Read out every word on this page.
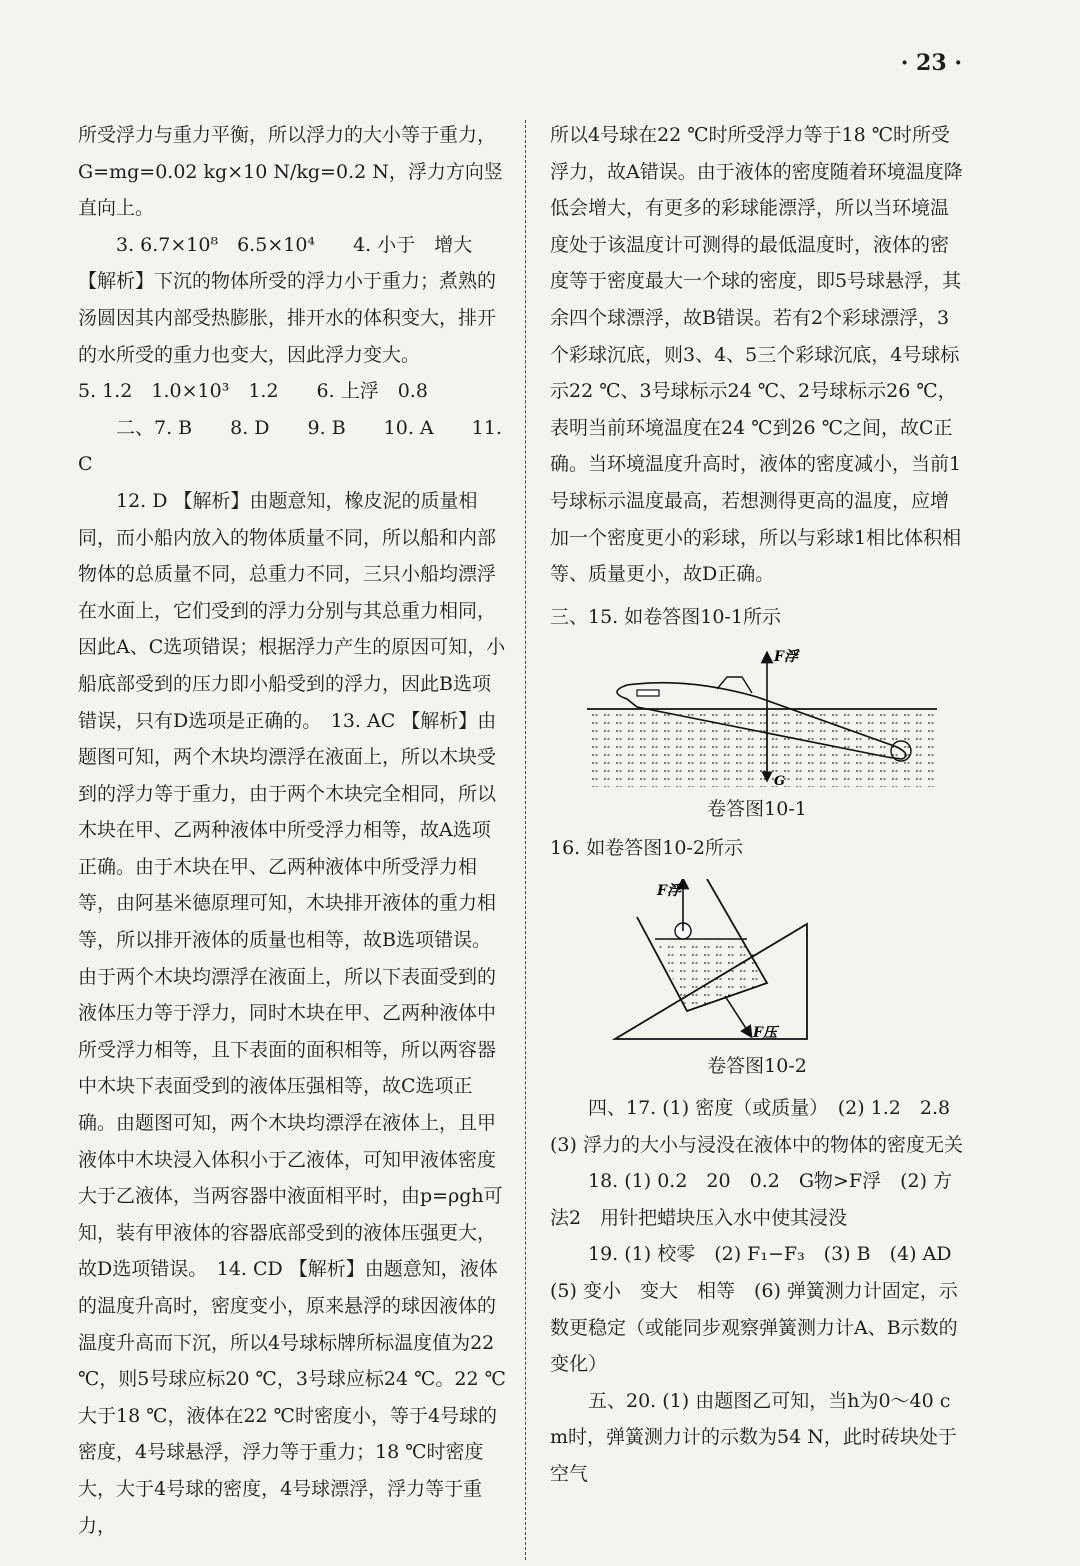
· 23 ·

所受浮力与重力平衡，所以浮力的大小等于重力，G=mg=0.02 kg×10 N/kg=0.2 N，浮力方向竖直向上。

3. 6.7×10⁸　6.5×10⁴　　4. 小于　增大

【解析】下沉的物体所受的浮力小于重力；煮熟的汤圆因其内部受热膨胀，排开水的体积变大，排开的水所受的重力也变大，因此浮力变大。

5. 1.2　1.0×10³　1.2　　6. 上浮　0.8

二、7. B　　8. D　　9. B　　10. A　　11. C

12. D 【解析】由题意知，橡皮泥的质量相同，而小船内放入的物体质量不同，所以船和内部物体的总质量不同，总重力不同，三只小船均漂浮在水面上，它们受到的浮力分别与其总重力相同，因此A、C选项错误；根据浮力产生的原因可知，小船底部受到的压力即小船受到的浮力，因此B选项错误，只有D选项是正确的。　13. AC 【解析】由题图可知，两个木块均漂浮在液面上，所以木块受到的浮力等于重力，由于两个木块完全相同，所以木块在甲、乙两种液体中所受浮力相等，故A选项正确。由于木块在甲、乙两种液体中所受浮力相等，由阿基米德原理可知，木块排开液体的重力相等，所以排开液体的质量也相等，故B选项错误。由于两个木块均漂浮在液面上，所以下表面受到的液体压力等于浮力，同时木块在甲、乙两种液体中所受浮力相等，且下表面的面积相等，所以两容器中木块下表面受到的液体压强相等，故C选项正确。由题图可知，两个木块均漂浮在液体上，且甲液体中木块浸入体积小于乙液体，可知甲液体密度大于乙液体，当两容器中液面相平时，由p=ρgh可知，装有甲液体的容器底部受到的液体压强更大，故D选项错误。　14. CD 【解析】由题意知，液体的温度升高时，密度变小，原来悬浮的球因液体的温度升高而下沉，所以4号球标牌所标温度值为22 ℃，则5号球应标20 ℃，3号球应标24 ℃。22 ℃大于18 ℃，液体在22 ℃时密度小，等于4号球的密度，4号球悬浮，浮力等于重力；18 ℃时密度大，大于4号球的密度，4号球漂浮，浮力等于重力，

所以4号球在22 ℃时所受浮力等于18 ℃时所受浮力，故A错误。由于液体的密度随着环境温度降低会增大，有更多的彩球能漂浮，所以当环境温度处于该温度计可测得的最低温度时，液体的密度等于密度最大一个球的密度，即5号球悬浮，其余四个球漂浮，故B错误。若有2个彩球漂浮，3个彩球沉底，则3、4、5三个彩球沉底，4号球标示22 ℃、3号球标示24 ℃、2号球标示26 ℃，表明当前环境温度在24 ℃到26 ℃之间，故C正确。当环境温度升高时，液体的密度减小，当前1号球标示温度最高，若想测得更高的温度，应增加一个密度更小的彩球，所以与彩球1相比体积相等、质量更小，故D正确。

三、15. 如卷答图10-1所示

F浮
G
卷答图10-1

16. 如卷答图10-2所示

F浮
F压
卷答图10-2

四、17. (1) 密度（或质量）　(2) 1.2　2.8　(3) 浮力的大小与浸没在液体中的物体的密度无关

18. (1) 0.2　20　0.2　G物>F浮　(2) 方法2　用针把蜡块压入水中使其浸没

19. (1) 校零　(2) F₁−F₃　(3) B　(4) AD　(5) 变小　变大　相等　(6) 弹簧测力计固定，示数更稳定（或能同步观察弹簧测力计A、B示数的变化）

五、20. (1) 由题图乙可知，当h为0～40 cm时，弹簧测力计的示数为54 N，此时砖块处于空气
